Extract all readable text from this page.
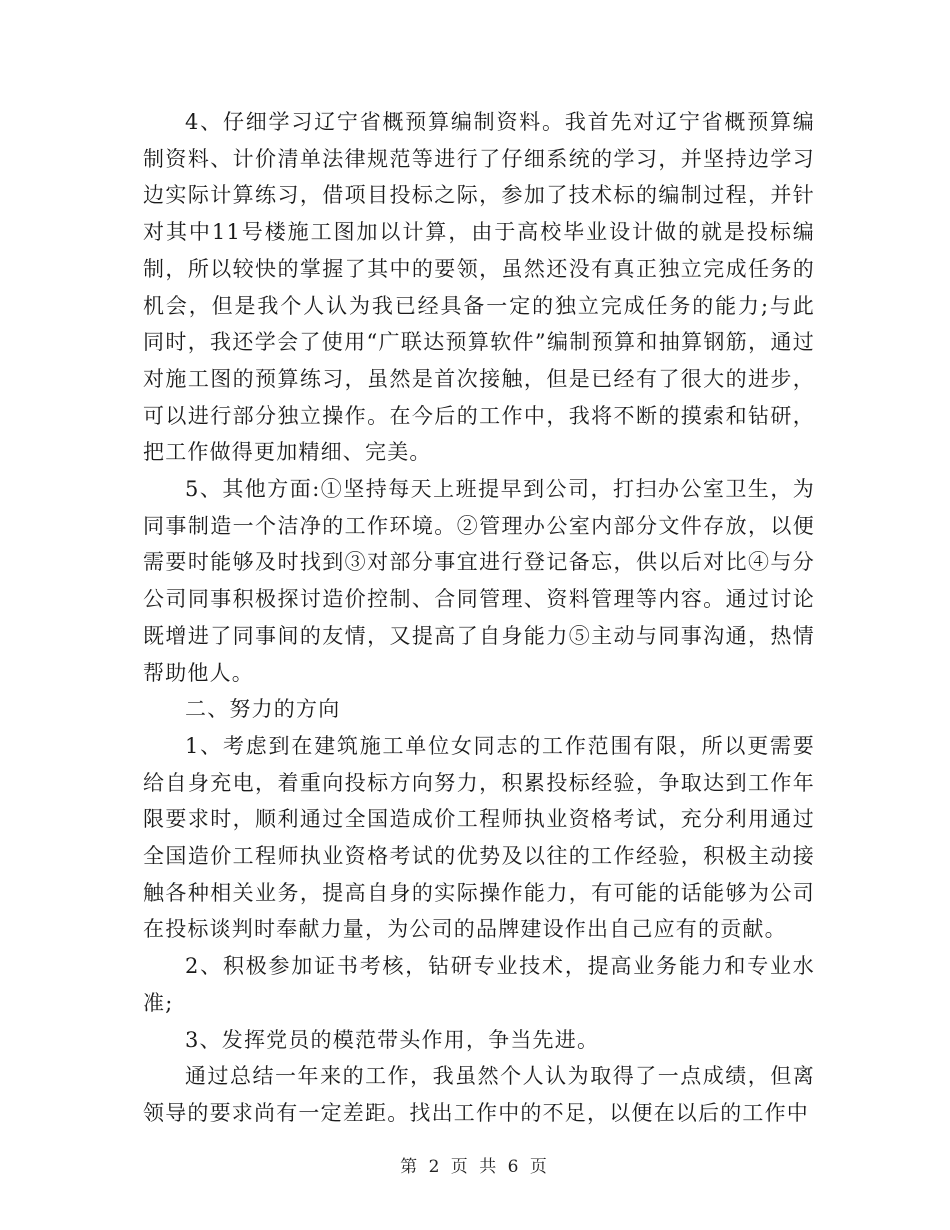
4、仔细学习辽宁省概预算编制资料。我首先对辽宁省概预算编制资料、计价清单法律规范等进行了仔细系统的学习，并坚持边学习边实际计算练习，借项目投标之际，参加了技术标的编制过程，并针对其中11号楼施工图加以计算，由于高校毕业设计做的就是投标编制，所以较快的掌握了其中的要领，虽然还没有真正独立完成任务的机会，但是我个人认为我已经具备一定的独立完成任务的能力;与此同时，我还学会了使用“广联达预算软件”编制预算和抽算钢筋，通过对施工图的预算练习，虽然是首次接触，但是已经有了很大的进步，可以进行部分独立操作。在今后的工作中，我将不断的摸索和钻研，把工作做得更加精细、完美。

5、其他方面:①坚持每天上班提早到公司，打扫办公室卫生，为同事制造一个洁净的工作环境。②管理办公室内部分文件存放，以便需要时能够及时找到③对部分事宜进行登记备忘，供以后对比④与分公司同事积极探讨造价控制、合同管理、资料管理等内容。通过讨论既增进了同事间的友情，又提高了自身能力⑤主动与同事沟通，热情帮助他人。

二、努力的方向

1、考虑到在建筑施工单位女同志的工作范围有限，所以更需要给自身充电，着重向投标方向努力，积累投标经验，争取达到工作年限要求时，顺利通过全国造成价工程师执业资格考试，充分利用通过全国造价工程师执业资格考试的优势及以往的工作经验，积极主动接触各种相关业务，提高自身的实际操作能力，有可能的话能够为公司在投标谈判时奉献力量，为公司的品牌建设作出自己应有的贡献。

2、积极参加证书考核，钻研专业技术，提高业务能力和专业水准;

3、发挥党员的模范带头作用，争当先进。

通过总结一年来的工作，我虽然个人认为取得了一点成绩，但离领导的要求尚有一定差距。找出工作中的不足，以便在以后的工作中

第 2 页 共 6 页
